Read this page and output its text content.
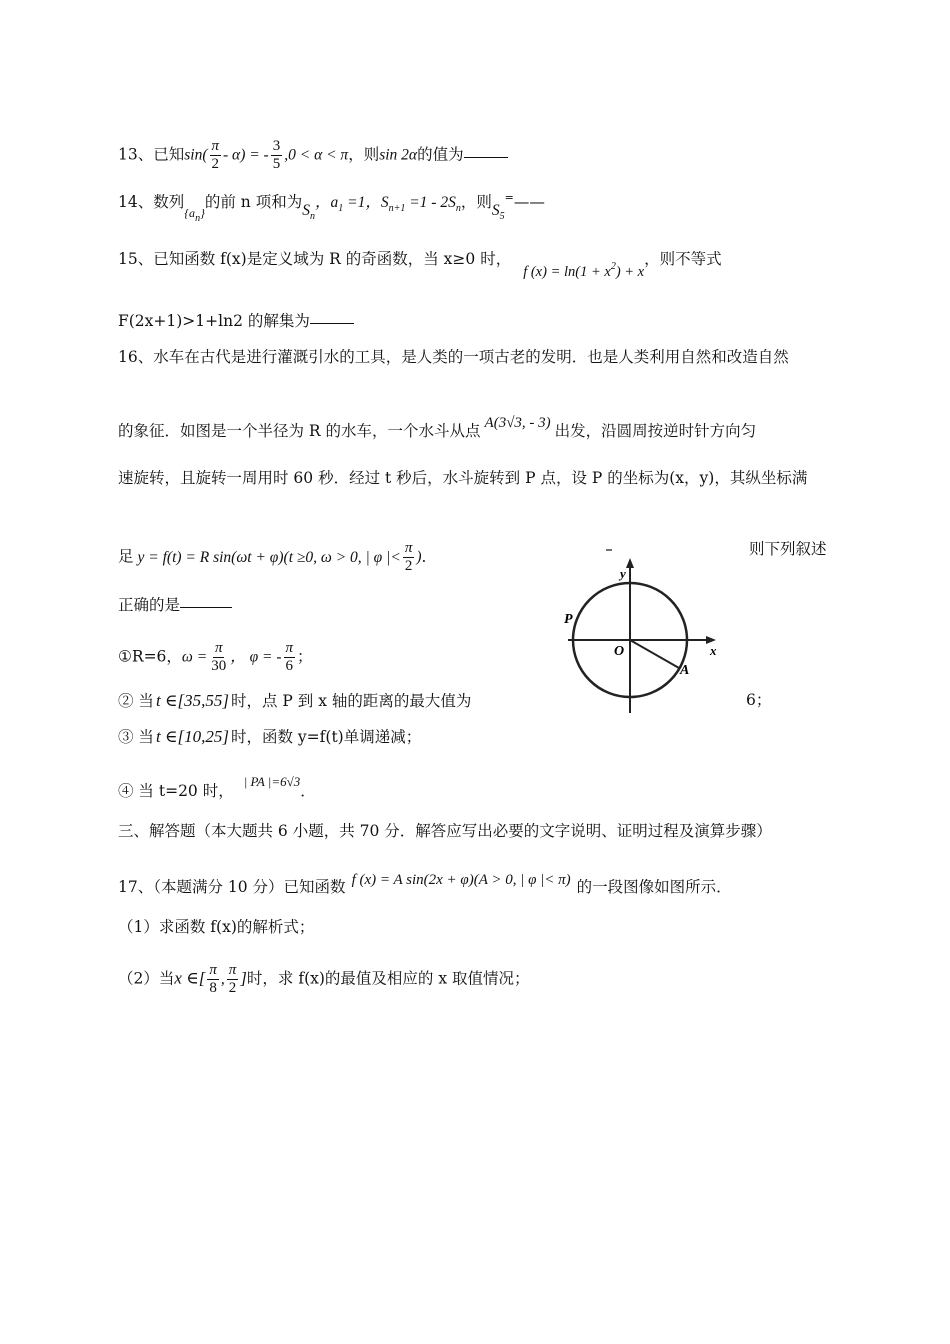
13、已知$\sin( \frac{\pi}{2} - \alpha)$ = - $\frac{3}{5} ,0 < \alpha < \pi$，则sin 2α的值为
14、数列$_{\{a_n\}}$的前 n 项和为$S_n$，$a_1 =1$，$S_{n+1} =1 - 2S_n$，则$S_5^=——$
15、已知函数 f(x)是定义域为 R 的奇函数，当 x≥0 时，f $(x) = \ln(1 + x^2) + x$，则不等式
F(2x+1)>1+ln2 的解集为
16、水车在古代是进行灌溉引水的工具，是人类的一项古老的发明．也是人类利用自然和改造自然
的象征．如图是一个半径为 R 的水车，一个水斗从点 A(3√3, - 3) 出发，沿圆周按逆时针方向匀
速旋转，且旋转一周用时 60 秒．经过 t 秒后，水斗旋转到 P 点，设 P 的坐标为(x，y)，其纵坐标满
足 y = f(t) = R sin(ωt + φ)(t ≥0, ω > 0, | φ |< $\frac{\pi}{2}$ )．	则下列叙述
正确的是
①R=6，$\omega = \frac{\pi}{30}$ ， φ = - $\frac{\pi}{6}$ ；
② 当 t ∈[35,55] 时，点 P 到 x 轴的距离的最大值为	6；
③ 当 t ∈[10,25] 时，函数 y=f(t)单调递减；
④ 当 t=20 时，$^{| PA |=6√3}$．
y
x
O
P
A
三、解答题（本大题共 6 小题，共 70 分．解答应写出必要的文字说明、证明过程及演算步骤）
17、（本题满分 10 分）已知函数 f (x) = A sin(2x + φ)(A > 0, | φ |< π) 的一段图像如图所示．
（1）求函数 f(x)的解析式；
（2）当x ∈[ $\frac{\pi}{8}$ , $\frac{\pi}{2}$ ]时，求 f(x)的最值及相应的 x 取值情况；
